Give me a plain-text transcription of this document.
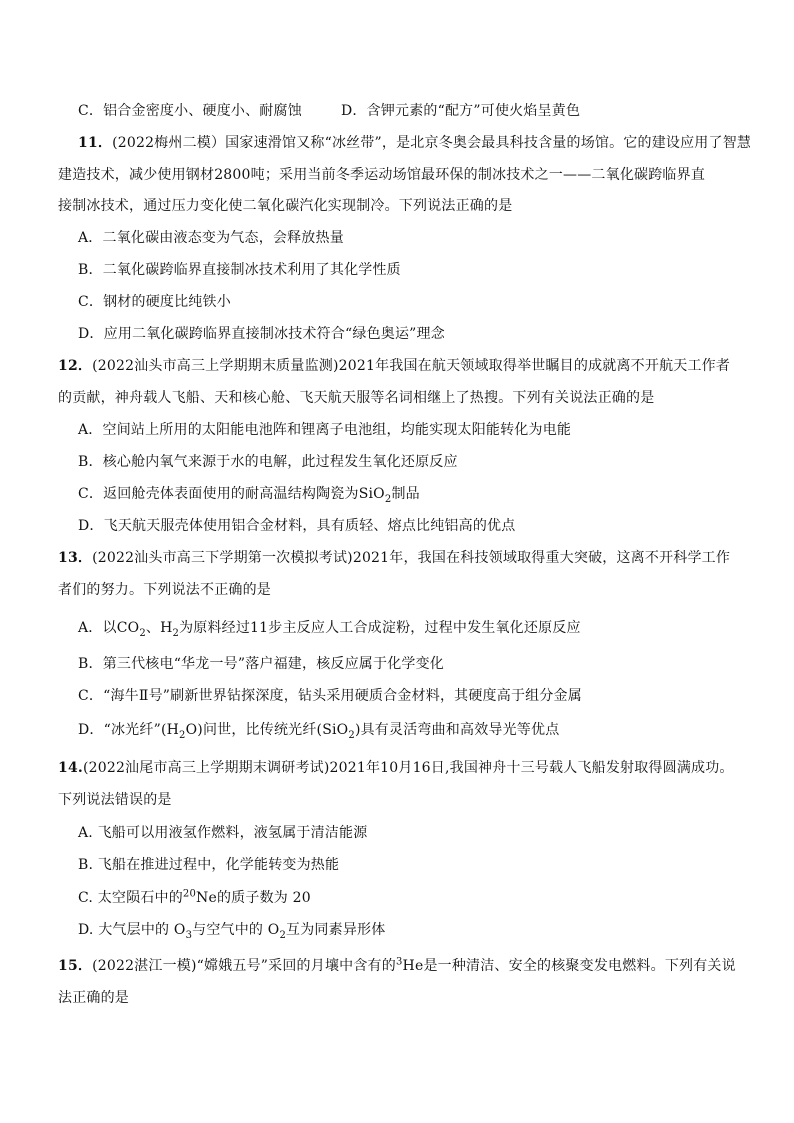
C．铝合金密度小、硬度小、耐腐蚀	D．含钾元素的“配方”可使火焰呈黄色
11．(2022梅州二模）国家速滑馆又称“冰丝带”，是北京冬奥会最具科技含量的场馆。它的建设应用了智慧
建造技术，减少使用钢材2800吨；采用当前冬季运动场馆最环保的制冰技术之一——二氧化碳跨临界直
接制冰技术，通过压力变化使二氧化碳汽化实现制冷。下列说法正确的是
A．二氧化碳由液态变为气态，会释放热量
B．二氧化碳跨临界直接制冰技术利用了其化学性质
C．钢材的硬度比纯铁小
D．应用二氧化碳跨临界直接制冰技术符合“绿色奥运”理念
12．(2022汕头市高三上学期期末质量监测)2021年我国在航天领域取得举世瞩目的成就离不开航天工作者
的贡献，神舟载人飞船、天和核心舱、飞天航天服等名词相继上了热搜。下列有关说法正确的是
A．空间站上所用的太阳能电池阵和锂离子电池组，均能实现太阳能转化为电能
B．核心舱内氧气来源于水的电解，此过程发生氧化还原反应
C．返回舱壳体表面使用的耐高温结构陶瓷为SiO$_2$制品
D．飞天航天服壳体使用铝合金材料，具有质轻、熔点比纯铝高的优点
13．(2022汕头市高三下学期第一次模拟考试)2021年，我国在科技领域取得重大突破，这离不开科学工作
者们的努力。下列说法不正确的是
A．以$CO_2$、$H_2$为原料经过11步主反应人工合成淀粉，过程中发生氧化还原反应
B．第三代核电“华龙一号”落户福建，核反应属于化学变化
C．“海牛Ⅱ号”刷新世界钻探深度，钻头采用硬质合金材料，其硬度高于组分金属
D．“冰光纤$”(H_2O)$问世，比传统光纤(SiO$_2$)具有灵活弯曲和高效导光等优点
14.(2022汕尾市高三上学期期末调研考试)2021年10月16日,我国神舟十三号载人飞船发射取得圆满成功。
下列说法错误的是
A. 飞船可以用液氢作燃料，液氢属于清洁能源
B. 飞船在推进过程中，化学能转变为热能
C. 太空陨石中的$^{20}$Ne的质子数为 20
D. 大气层中的 $O_3$与空气中的 $O_2$互为同素异形体
15．(2022湛江一模)“嫦娥五号”采回的月壤中含有的$^3$He是一种清洁、安全的核聚变发电燃料。下列有关说
法正确的是
